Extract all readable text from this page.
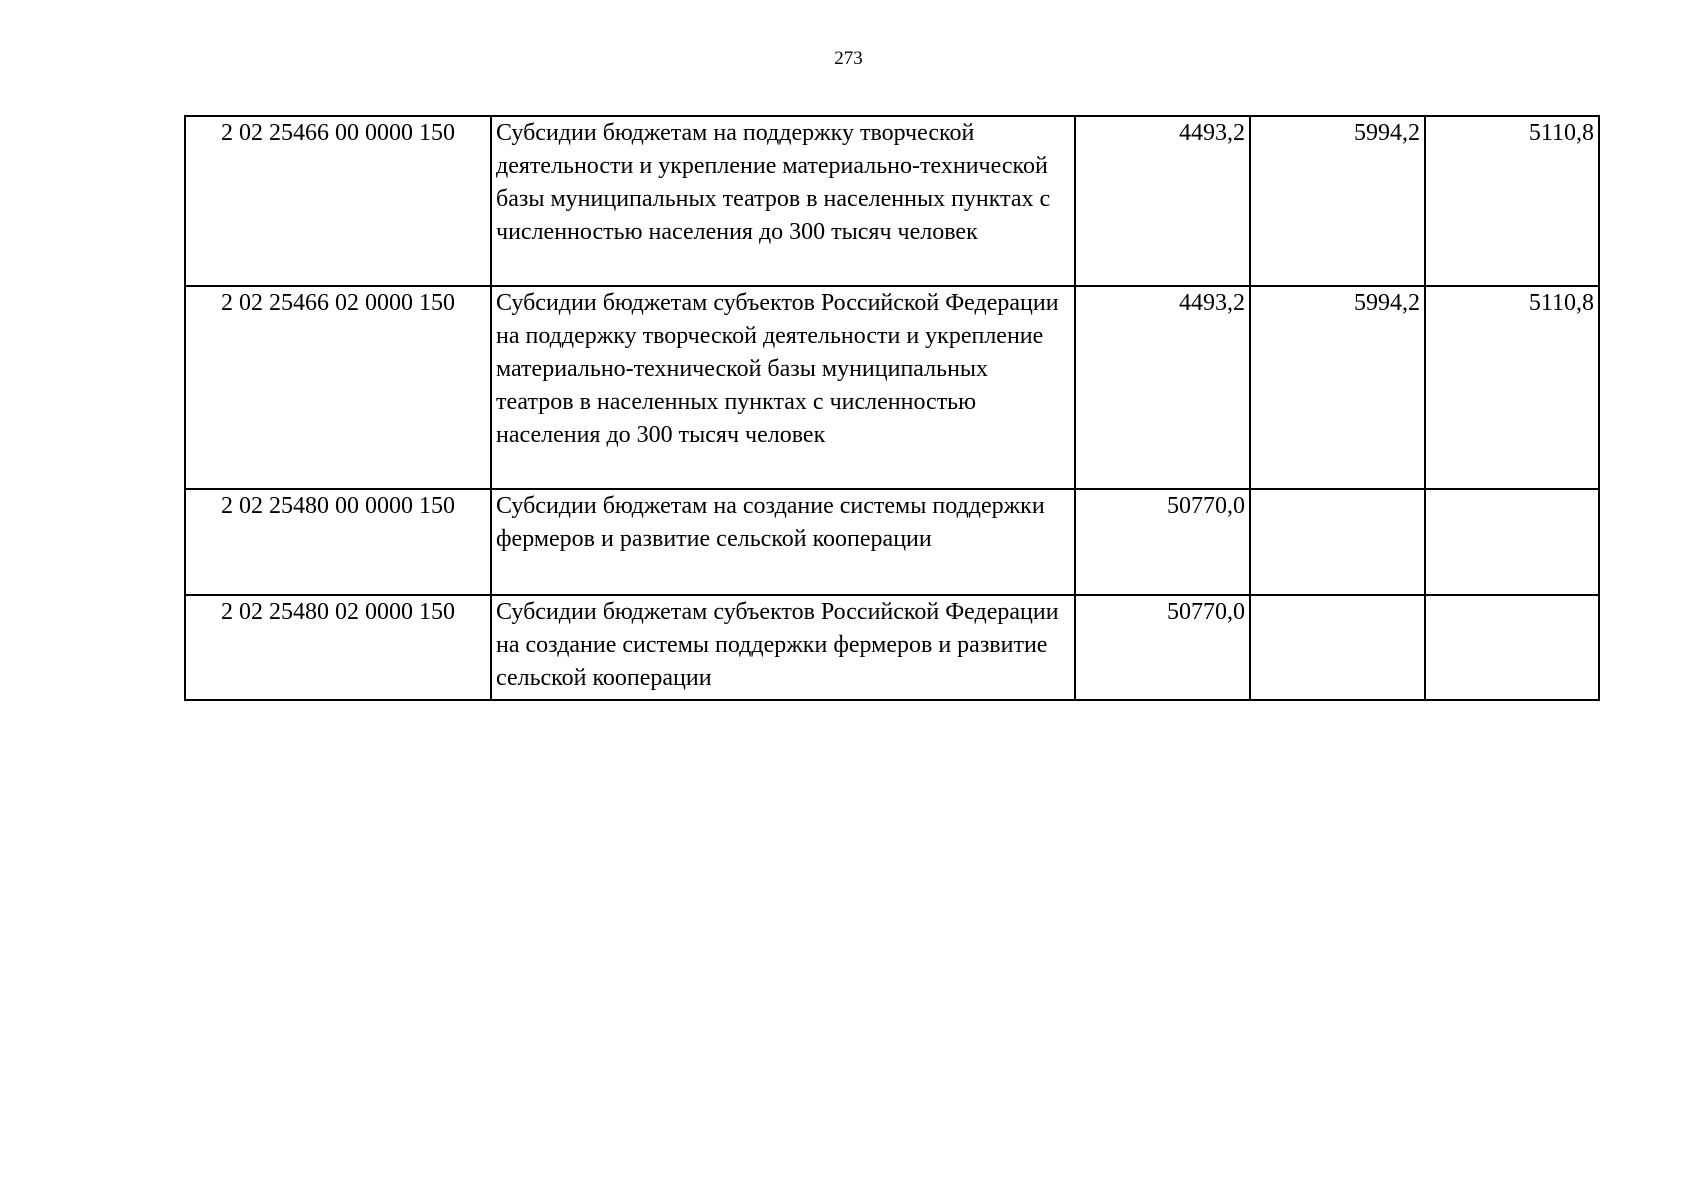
273
2 02 25466 00 0000 150	Субсидии бюджетам на поддержку творческой деятельности и укрепление материально-технической базы муниципальных театров в населенных пунктах с численностью населения до 300 тысяч человек	4493,2	5994,2	5110,8
2 02 25466 02 0000 150	Субсидии бюджетам субъектов Российской Федерации на поддержку творческой деятельности и укрепление материально-технической базы муниципальных театров в населенных пунктах с численностью населения до 300 тысяч человек	4493,2	5994,2	5110,8
2 02 25480 00 0000 150	Субсидии бюджетам на создание системы поддержки фермеров и развитие сельской кооперации	50770,0		
2 02 25480 02 0000 150	Субсидии бюджетам субъектов Российской Федерации на создание системы поддержки фермеров и развитие сельской кооперации	50770,0		
